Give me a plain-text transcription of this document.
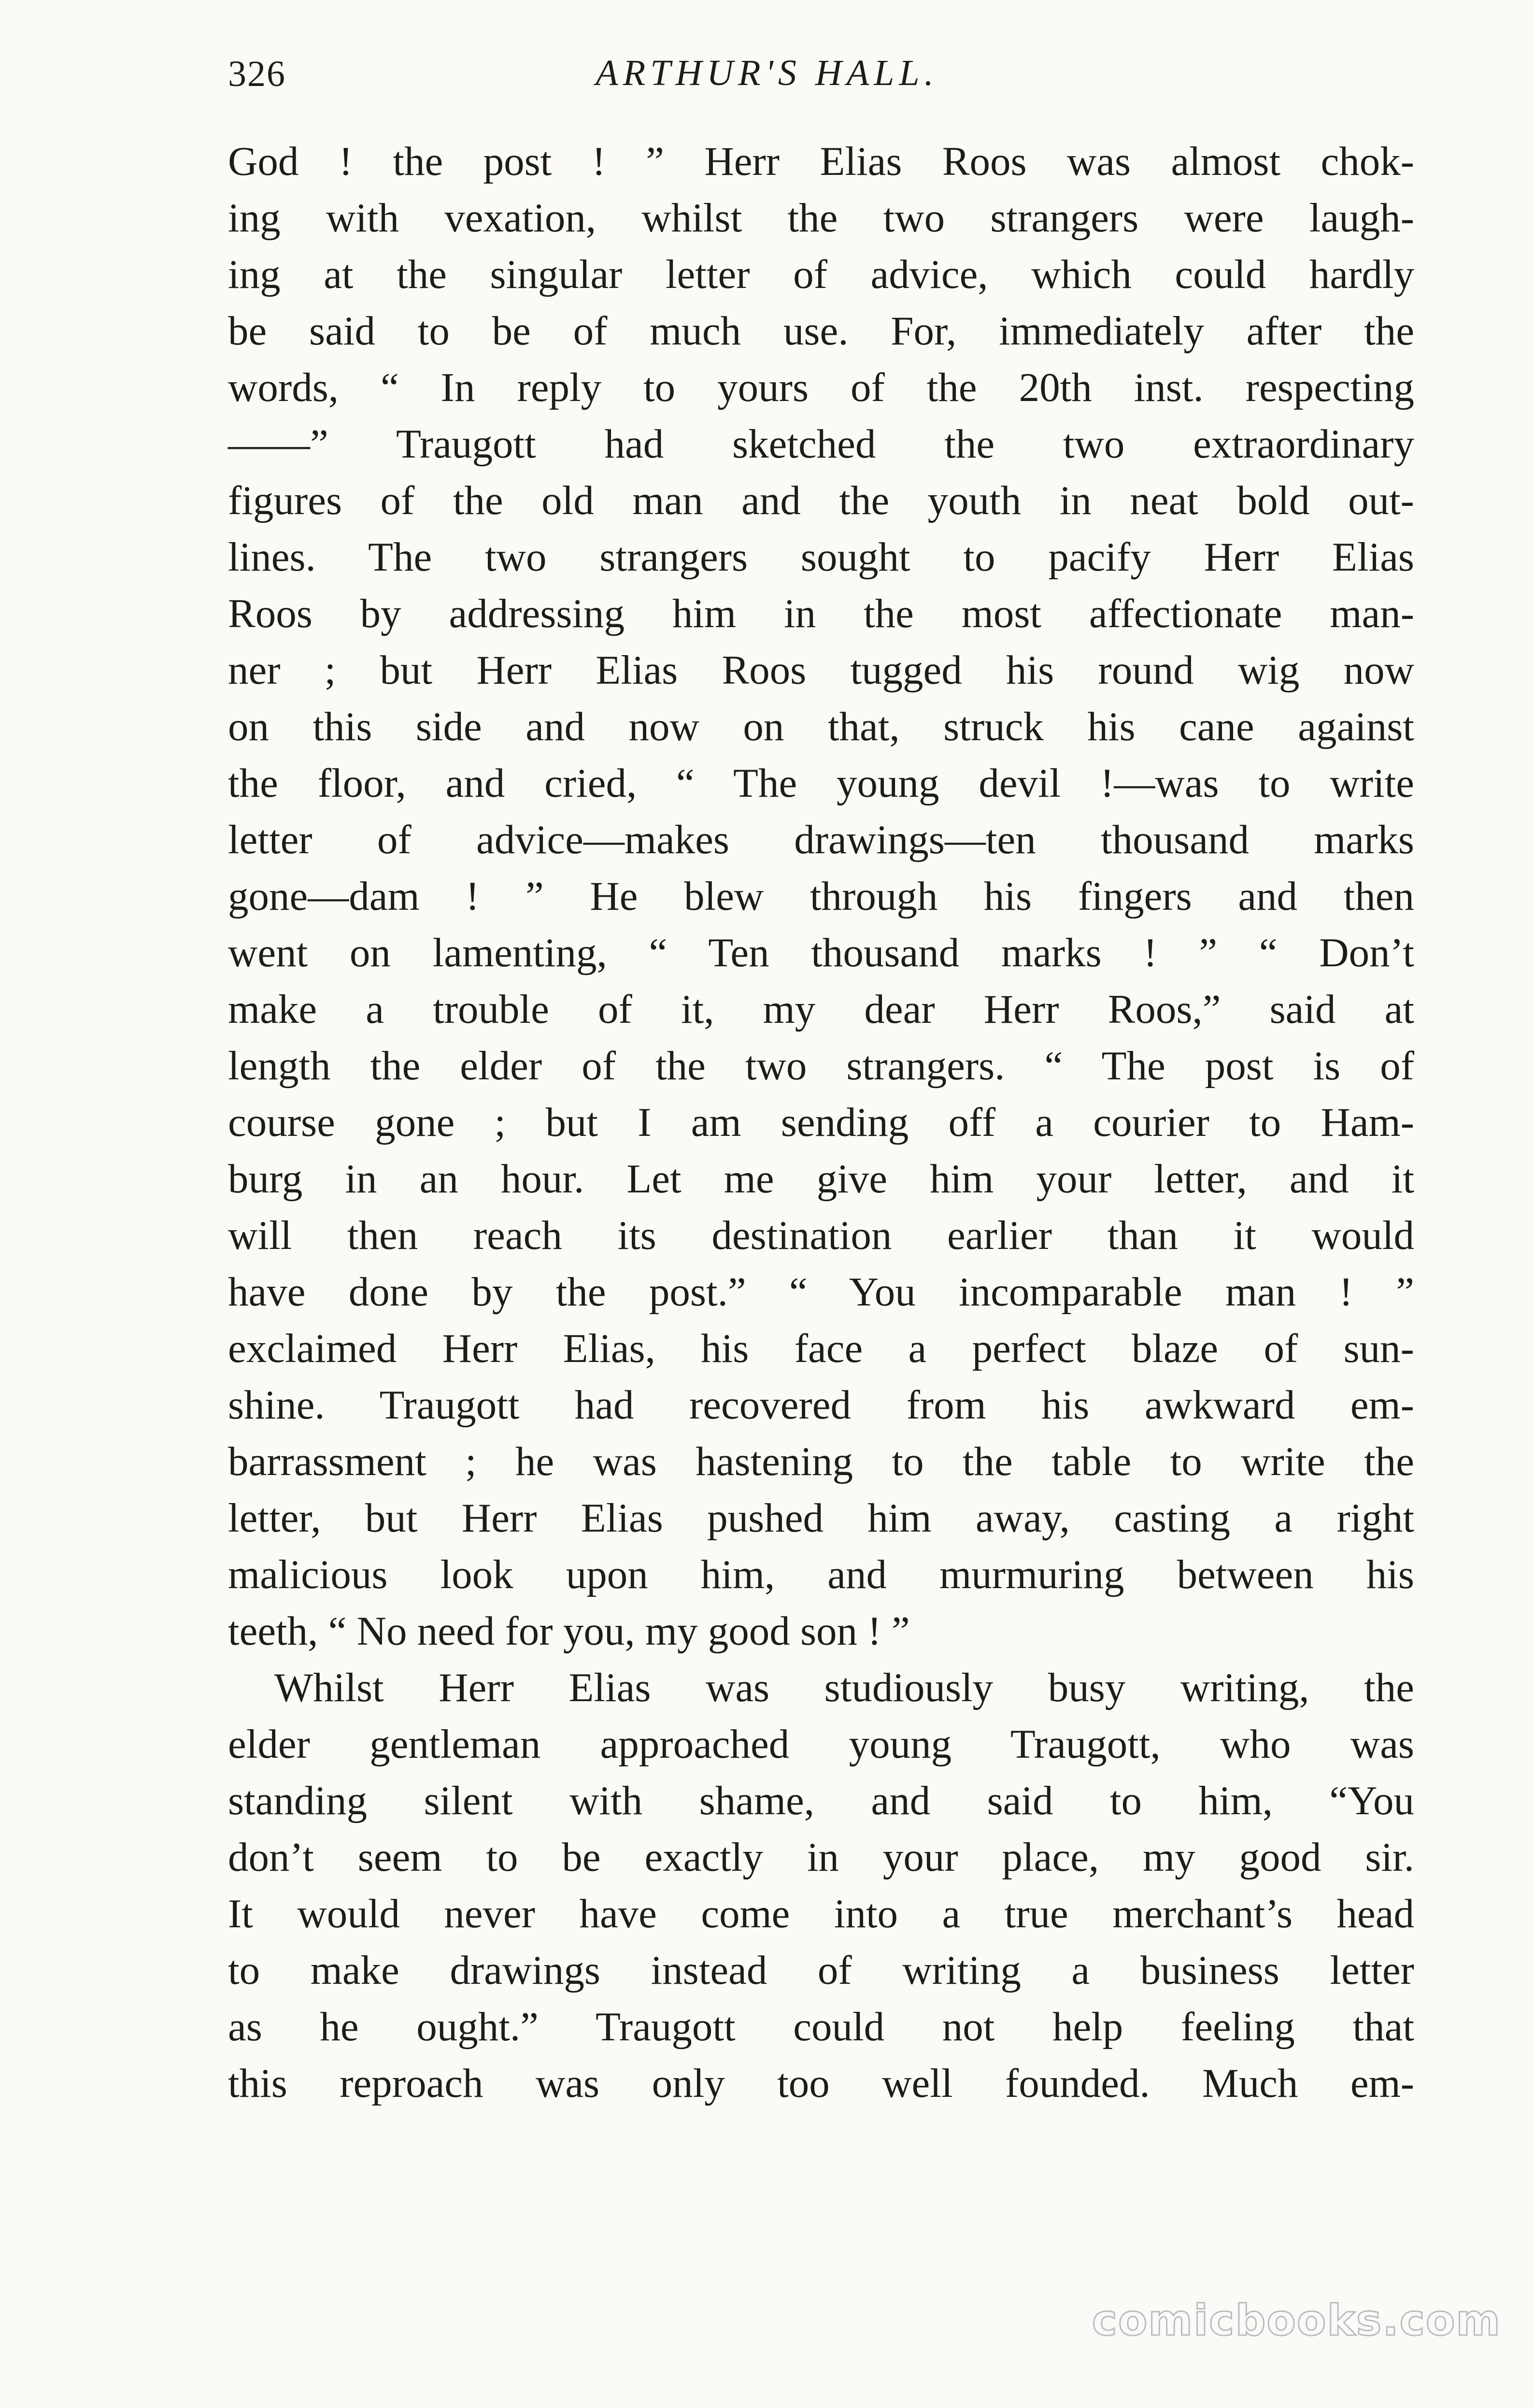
326	ARTHUR'S HALL.
God ! the post ! ” Herr Elias Roos was almost chok-
ing with vexation, whilst the two strangers were laugh-
ing at the singular letter of advice, which could hardly
be said to be of much use. For, immediately after the
words, “ In reply to yours of the 20th inst. respecting
——” Traugott had sketched the two extraordinary
figures of the old man and the youth in neat bold out-
lines. The two strangers sought to pacify Herr Elias
Roos by addressing him in the most affectionate man-
ner ; but Herr Elias Roos tugged his round wig now
on this side and now on that, struck his cane against
the floor, and cried, “ The young devil !—was to write
letter of advice—makes drawings—ten thousand marks
gone—dam ! ” He blew through his fingers and then
went on lamenting, “ Ten thousand marks ! ” “ Don’t
make a trouble of it, my dear Herr Roos,” said at
length the elder of the two strangers. “ The post is of
course gone ; but I am sending off a courier to Ham-
burg in an hour. Let me give him your letter, and it
will then reach its destination earlier than it would
have done by the post.” “ You incomparable man ! ”
exclaimed Herr Elias, his face a perfect blaze of sun-
shine. Traugott had recovered from his awkward em-
barrassment ; he was hastening to the table to write the
letter, but Herr Elias pushed him away, casting a right
malicious look upon him, and murmuring between his
teeth, “ No need for you, my good son ! ”
Whilst Herr Elias was studiously busy writing, the
elder gentleman approached young Traugott, who was
standing silent with shame, and said to him, “You
don’t seem to be exactly in your place, my good sir.
It would never have come into a true merchant’s head
to make drawings instead of writing a business letter
as he ought.” Traugott could not help feeling that
this reproach was only too well founded. Much em-
comicbooks.com
